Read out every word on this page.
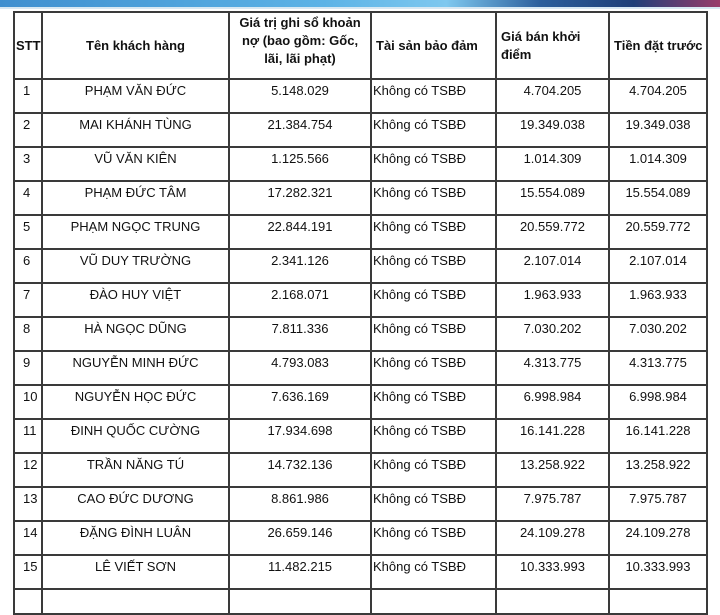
STT	Tên khách hàng	Giá trị ghi sổ khoản nợ (bao gồm: Gốc, lãi, lãi phạt)	Tài sản bảo đảm	Giá bán khởi điểm	Tiền đặt trước
1	PHẠM VĂN ĐỨC	5.148.029	Không có TSBĐ	4.704.205	4.704.205
2	MAI KHÁNH TÙNG	21.384.754	Không có TSBĐ	19.349.038	19.349.038
3	VŨ VĂN KIÊN	1.125.566	Không có TSBĐ	1.014.309	1.014.309
4	PHẠM ĐỨC TÂM	17.282.321	Không có TSBĐ	15.554.089	15.554.089
5	PHẠM NGỌC TRUNG	22.844.191	Không có TSBĐ	20.559.772	20.559.772
6	VŨ DUY TRƯỜNG	2.341.126	Không có TSBĐ	2.107.014	2.107.014
7	ĐÀO HUY VIỆT	2.168.071	Không có TSBĐ	1.963.933	1.963.933
8	HÀ NGỌC DŨNG	7.811.336	Không có TSBĐ	7.030.202	7.030.202
9	NGUYỄN MINH ĐỨC	4.793.083	Không có TSBĐ	4.313.775	4.313.775
10	NGUYỄN HỌC ĐỨC	7.636.169	Không có TSBĐ	6.998.984	6.998.984
11	ĐINH QUỐC CƯỜNG	17.934.698	Không có TSBĐ	16.141.228	16.141.228
12	TRẦN NĂNG TÚ	14.732.136	Không có TSBĐ	13.258.922	13.258.922
13	CAO ĐỨC DƯƠNG	8.861.986	Không có TSBĐ	7.975.787	7.975.787
14	ĐẶNG ĐÌNH LUÂN	26.659.146	Không có TSBĐ	24.109.278	24.109.278
15	LÊ VIẾT SƠN	11.482.215	Không có TSBĐ	10.333.993	10.333.993
